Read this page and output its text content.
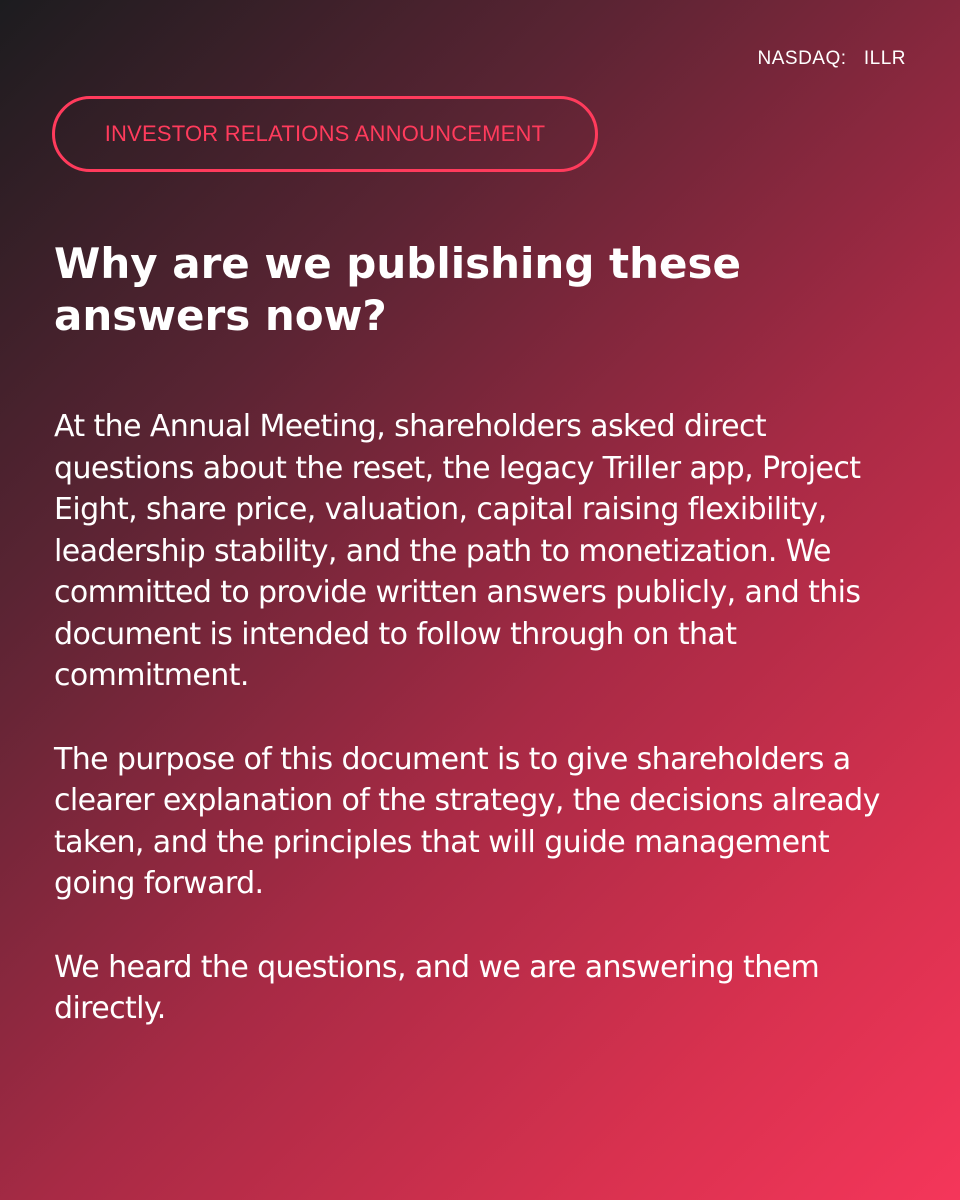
NASDAQ:   ILLR
INVESTOR RELATIONS ANNOUNCEMENT
Why are we publishing these answers now?

At the Annual Meeting, shareholders asked direct questions about the reset, the legacy Triller app, Project Eight, share price, valuation, capital raising flexibility, leadership stability, and the path to monetization. We committed to provide written answers publicly, and this document is intended to follow through on that commitment.

The purpose of this document is to give shareholders a clearer explanation of the strategy, the decisions already taken, and the principles that will guide management going forward.

We heard the questions, and we are answering them directly.
